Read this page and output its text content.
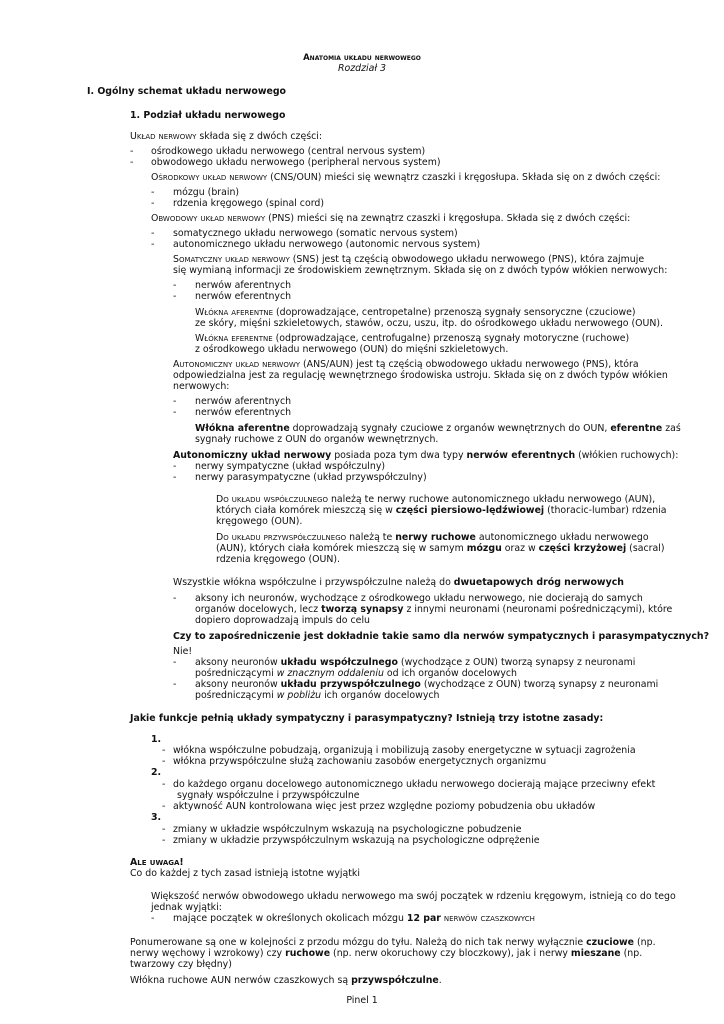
Anatomia układu nerwowego
Rozdział 3
I. Ogólny schemat układu nerwowego
1. Podział układu nerwowego
Układ nerwowy składa się z dwóch części:
- ośrodkowego układu nerwowego (central nervous system)
- obwodowego układu nerwowego (peripheral nervous system)
Ośrodkowy układ nerwowy (CNS/OUN) mieści się wewnątrz czaszki i kręgosłupa. Składa się on z dwóch części:
- mózgu (brain)
- rdzenia kręgowego (spinal cord)
Obwodowy układ nerwowy (PNS) mieści się na zewnątrz czaszki i kręgosłupa. Składa się z dwóch części:
- somatycznego układu nerwowego (somatic nervous system)
- autonomicznego układu nerwowego (autonomic nervous system)
Somatyczny układ nerwowy (SNS) jest tą częścią obwodowego układu nerwowego (PNS), która zajmuje
się wymianą informacji ze środowiskiem zewnętrznym. Składa się on z dwóch typów włókien nerwowych:
- nerwów aferentnych
- nerwów eferentnych
Włókna aferentne (doprowadzające, centropetalne) przenoszą sygnały sensoryczne (czuciowe)
ze skóry, mięśni szkieletowych, stawów, oczu, uszu, itp. do ośrodkowego układu nerwowego (OUN).
Włókna eferentne (odprowadzające, centrofugalne) przenoszą sygnały motoryczne (ruchowe)
z ośrodkowego układu nerwowego (OUN) do mięśni szkieletowych.
Autonomiczny układ nerwowy (ANS/AUN) jest tą częścią obwodowego układu nerwowego (PNS), która
odpowiedzialna jest za regulację wewnętrznego środowiska ustroju. Składa się on z dwóch typów włókien
nerwowych:
- nerwów aferentnych
- nerwów eferentnych
Włókna aferentne doprowadzają sygnały czuciowe z organów wewnętrznych do OUN, eferentne zaś
sygnały ruchowe z OUN do organów wewnętrznych.
Autonomiczny układ nerwowy posiada poza tym dwa typy nerwów eferentnych (włókien ruchowych):
- nerwy sympatyczne (układ współczulny)
- nerwy parasympatyczne (układ przywspółczulny)
Do układu współczulnego należą te nerwy ruchowe autonomicznego układu nerwowego (AUN),
których ciała komórek mieszczą się w części piersiowo-lędźwiowej (thoracic-lumbar) rdzenia
kręgowego (OUN).
Do układu przywspółczulnego należą te nerwy ruchowe autonomicznego układu nerwowego
(AUN), których ciała komórek mieszczą się w samym mózgu oraz w części krzyżowej (sacral)
rdzenia kręgowego (OUN).
Wszystkie włókna współczulne i przywspółczulne należą do dwuetapowych dróg nerwowych
- aksony ich neuronów, wychodzące z ośrodkowego układu nerwowego, nie docierają do samych
organów docelowych, lecz tworzą synapsy z innymi neuronami (neuronami pośredniczącymi), które
dopiero doprowadzają impuls do celu
Czy to zapośredniczenie jest dokładnie takie samo dla nerwów sympatycznych i parasympatycznych?
Nie!
- aksony neuronów układu współczulnego (wychodzące z OUN) tworzą synapsy z neuronami
pośredniczącymi w znacznym oddaleniu od ich organów docelowych
- aksony neuronów układu przywspółczulnego (wychodzące z OUN) tworzą synapsy z neuronami
pośredniczącymi w pobliżu ich organów docelowych
Jakie funkcje pełnią układy sympatyczny i parasympatyczny? Istnieją trzy istotne zasady:
1.
- włókna współczulne pobudzają, organizują i mobilizują zasoby energetyczne w sytuacji zagrożenia
- włókna przywspółczulne służą zachowaniu zasobów energetycznych organizmu
2.
- do każdego organu docelowego autonomicznego układu nerwowego docierają mające przeciwny efekt
sygnały współczulne i przywspółczulne
- aktywność AUN kontrolowana więc jest przez względne poziomy pobudzenia obu układów
3.
- zmiany w układzie współczulnym wskazują na psychologiczne pobudzenie
- zmiany w układzie przywspółczulnym wskazują na psychologiczne odprężenie
Ale uwaga!
Co do każdej z tych zasad istnieją istotne wyjątki
Większość nerwów obwodowego układu nerwowego ma swój początek w rdzeniu kręgowym, istnieją co do tego
jednak wyjątki:
- mające początek w określonych okolicach mózgu 12 par nerwów czaszkowych
Ponumerowane są one w kolejności z przodu mózgu do tyłu. Należą do nich tak nerwy wyłącznie czuciowe (np.
nerwy węchowy i wzrokowy) czy ruchowe (np. nerw okoruchowy czy bloczkowy), jak i nerwy mieszane (np.
twarzowy czy błędny)
Włókna ruchowe AUN nerwów czaszkowych są przywspółczulne.
Pinel 1
